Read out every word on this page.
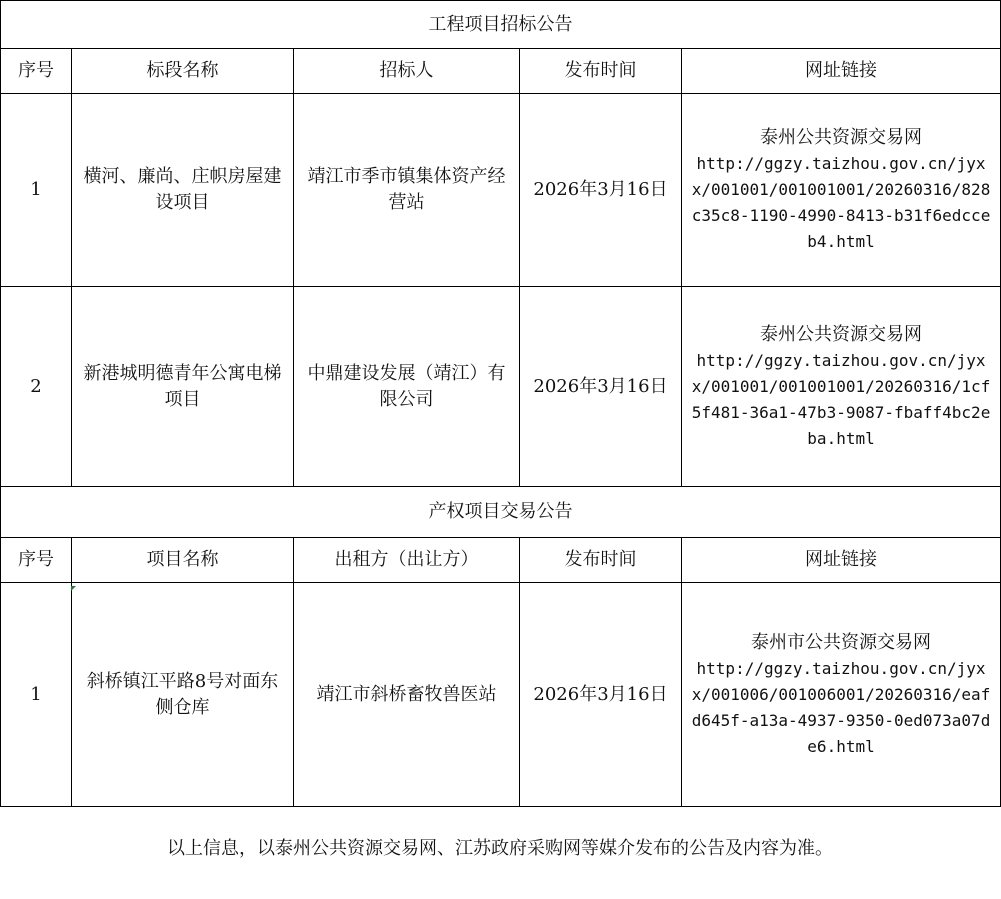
工程项目招标公告				
序号	标段名称	招标人	发布时间	网址链接
1	横河、廉尚、庄帜房屋建设项目	靖江市季市镇集体资产经营站	2026年3月16日	泰州公共资源交易网
http://ggzy.taizhou.gov.cn/jyxx/001001/001001001/20260316/828c35c8-1190-4990-8413-b31f6edcceb4.html

2	新港城明德青年公寓电梯项目	中鼎建设发展（靖江）有限公司	2026年3月16日	泰州公共资源交易网
http://ggzy.taizhou.gov.cn/jyxx/001001/001001001/20260316/1cf5f481-36a1-47b3-9087-fbaff4bc2eba.html

产权项目交易公告				
序号	项目名称	出租方（出让方）	发布时间	网址链接
1	斜桥镇江平路8号对面东侧仓库	靖江市斜桥畜牧兽医站	2026年3月16日	泰州市公共资源交易网
http://ggzy.taizhou.gov.cn/jyxx/001006/001006001/20260316/eafd645f-a13a-4937-9350-0ed073a07de6.html
以上信息，以泰州公共资源交易网、江苏政府采购网等媒介发布的公告及内容为准。
